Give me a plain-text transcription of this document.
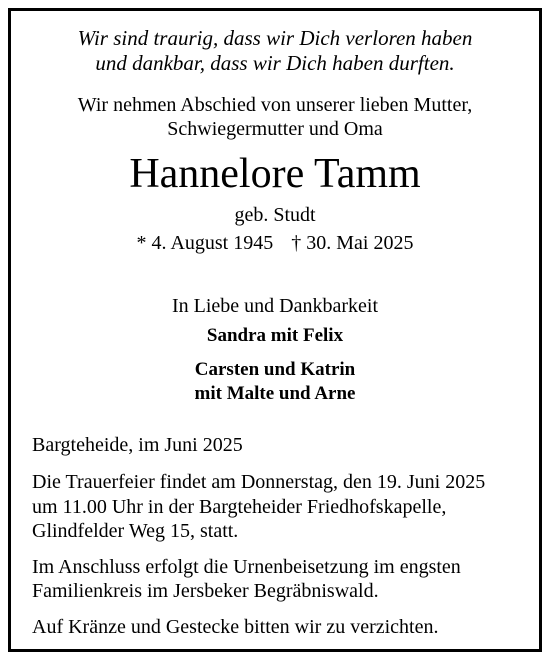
Wir sind traurig, dass wir Dich verloren haben
und dankbar, dass wir Dich haben durften.
Wir nehmen Abschied von unserer lieben Mutter,
Schwiegermutter und Oma
Hannelore Tamm
geb. Studt
* 4. August 1945 † 30. Mai 2025
In Liebe und Dankbarkeit
Sandra mit Felix
Carsten und Katrin
mit Malte und Arne
Bargteheide, im Juni 2025
Die Trauerfeier findet am Donnerstag, den 19. Juni 2025
um 11.00 Uhr in der Bargteheider Friedhofskapelle,
Glindfelder Weg 15, statt.
Im Anschluss erfolgt die Urnenbeisetzung im engsten
Familienkreis im Jersbeker Begräbniswald.
Auf Kränze und Gestecke bitten wir zu verzichten.
